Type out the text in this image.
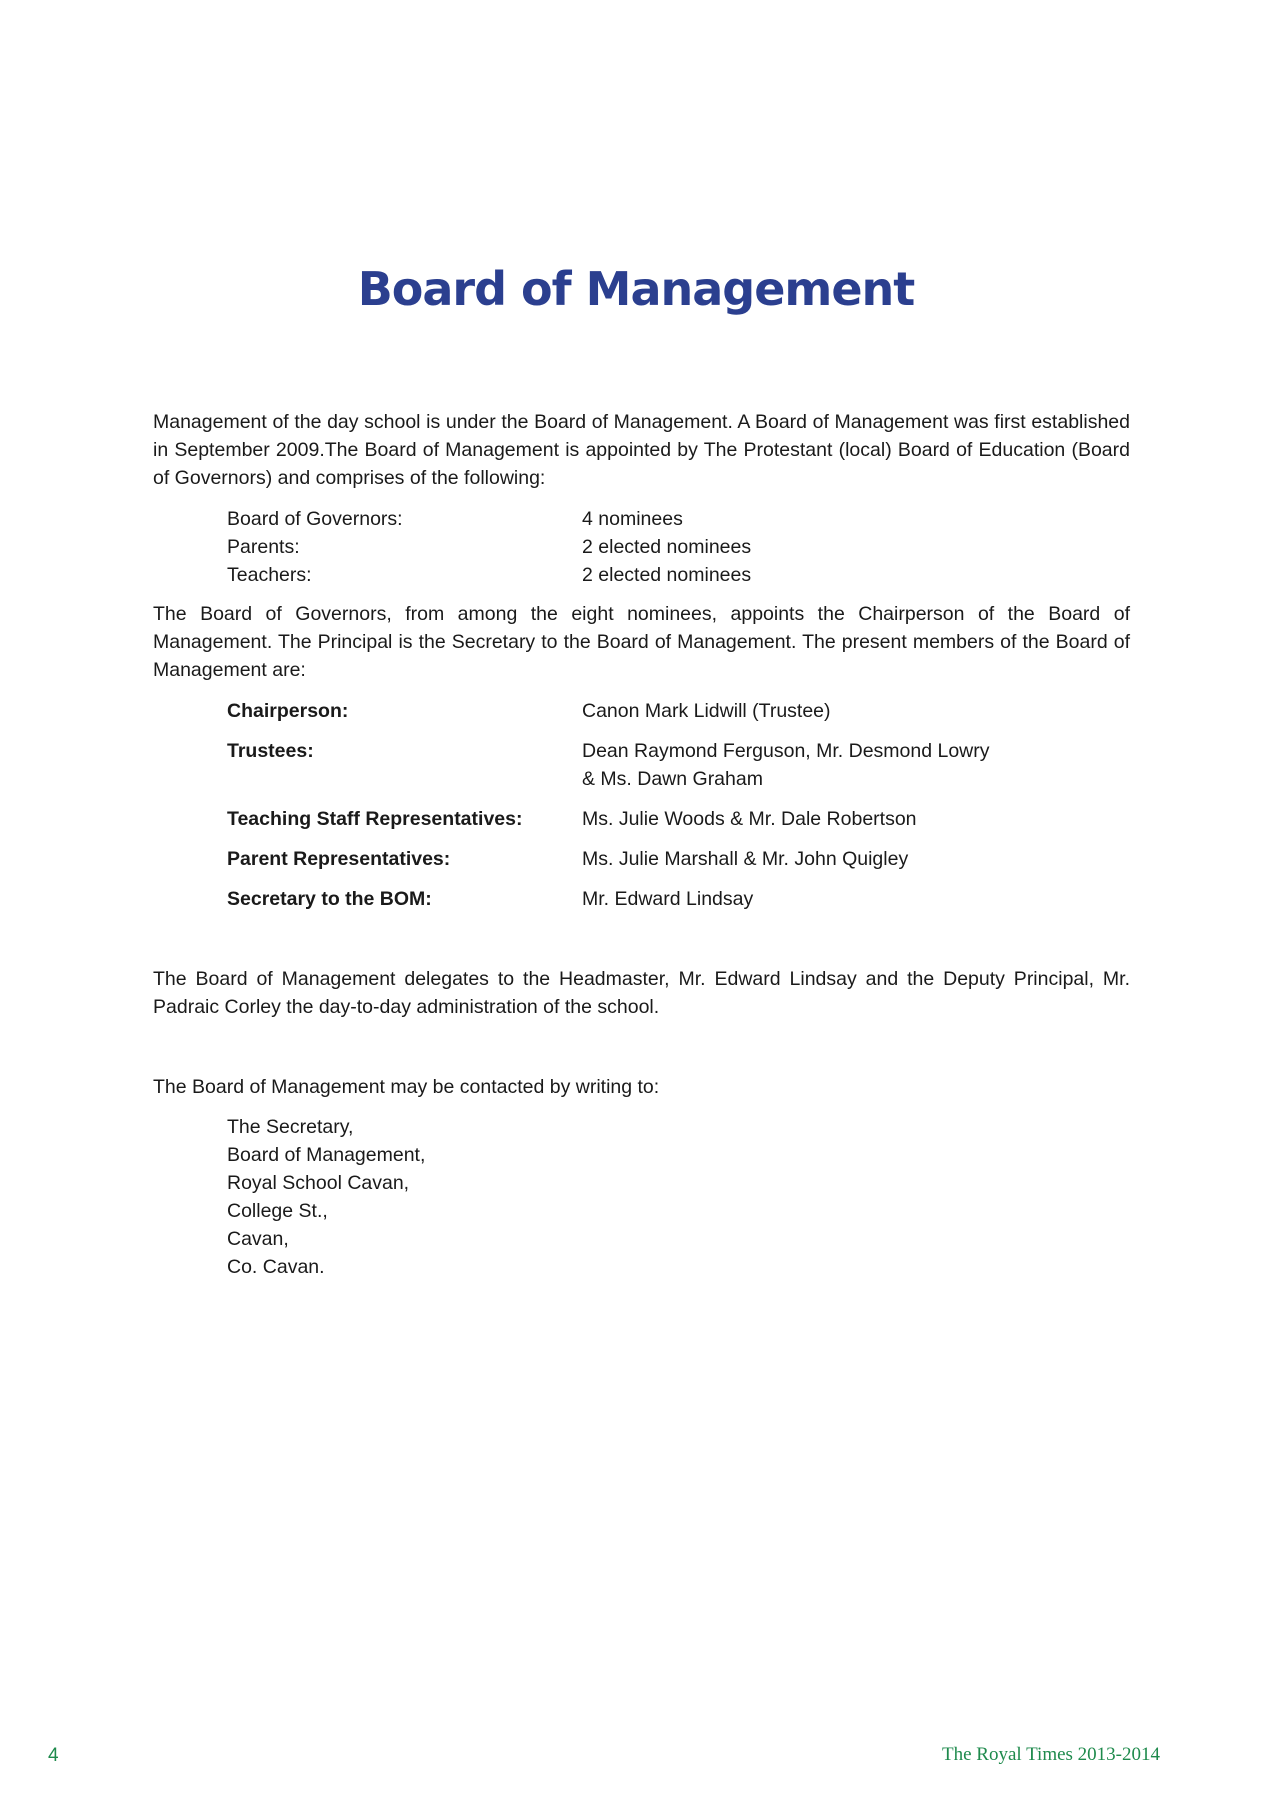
Board of Management

Management of the day school is under the Board of Management. A Board of Management was first established in September 2009.The Board of Management is appointed by The Protestant (local) Board of Education (Board of Governors) and comprises of the following:

Board of Governors:	4 nominees
Parents:	2 elected nominees
Teachers:	2 elected nominees

The Board of Governors, from among the eight nominees, appoints the Chairperson of the Board of Management. The Principal is the Secretary to the Board of Management. The present members of the Board of Management are:

Chairperson:	Canon Mark Lidwill (Trustee)
Trustees:	Dean Raymond Ferguson, Mr. Desmond Lowry
& Ms. Dawn Graham
Teaching Staff Representatives:	Ms. Julie Woods & Mr. Dale Robertson
Parent Representatives:	Ms. Julie Marshall & Mr. John Quigley
Secretary to the BOM:	Mr. Edward Lindsay

The Board of Management delegates to the Headmaster, Mr. Edward Lindsay and the Deputy Principal, Mr. Padraic Corley the day-to-day administration of the school.

The Board of Management may be contacted by writing to:

The Secretary,
Board of Management,
Royal School Cavan,
College St.,
Cavan,
Co. Cavan.
4	The Royal Times 2013-2014
